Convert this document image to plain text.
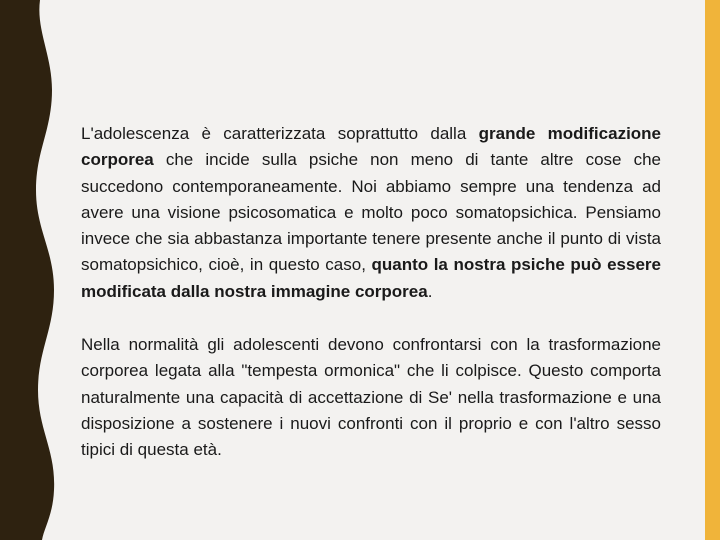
L'adolescenza è caratterizzata soprattutto dalla grande modificazione corporea che incide sulla psiche non meno di tante altre cose che succedono contemporaneamente. Noi abbiamo sempre una tendenza ad avere una visione psicosomatica e molto poco somatopsichica. Pensiamo invece che sia abbastanza importante tenere presente anche il punto di vista somatopsichico, cioè, in questo caso, quanto la nostra psiche può essere modificata dalla nostra immagine corporea.

Nella normalità gli adolescenti devono confrontarsi con la trasformazione corporea legata alla "tempesta ormonica" che li colpisce. Questo comporta naturalmente una capacità di accettazione di Se' nella trasformazione e una disposizione a sostenere i nuovi confronti con il proprio e con l'altro sesso tipici di questa età.
